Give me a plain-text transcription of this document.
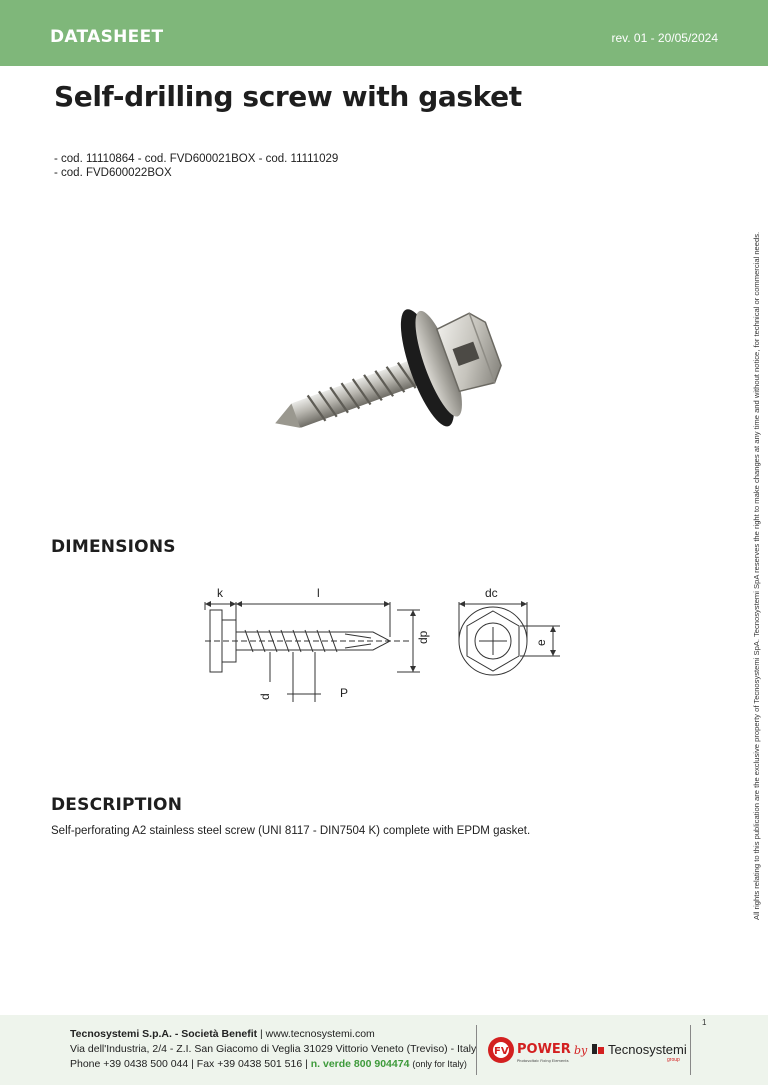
DATASHEET	rev. 01 - 20/05/2024
Self-drilling screw with gasket
- cod. 11110864 - cod. FVD600021BOX - cod. 11111029
- cod. FVD600022BOX
DIMENSIONS
k	l
dp
d	P
dc
e
DESCRIPTION
Self-perforating A2 stainless steel screw (UNI 8117 - DIN7504 K) complete with EPDM gasket.	All rights relating to this publication are the exclusive property of Tecnosystemi SpA. Tecnosystemi SpA reserves the right to make changes at any time and without notice, for technical or commercial needs.
Tecnosystemi S.p.A. - Società Benefit | www.tecnosystemi.com
Via dell'Industria, 2/4 - Z.I. San Giacomo di Veglia 31029 Vittorio Veneto (Treviso) - Italy
Phone +39 0438 500 044 | Fax +39 0438 501 516 | n. verde 800 904474 (only for Italy)
FV POWER
Photovoltaic Fixing Elements
by Tecnosystemi
group
1
